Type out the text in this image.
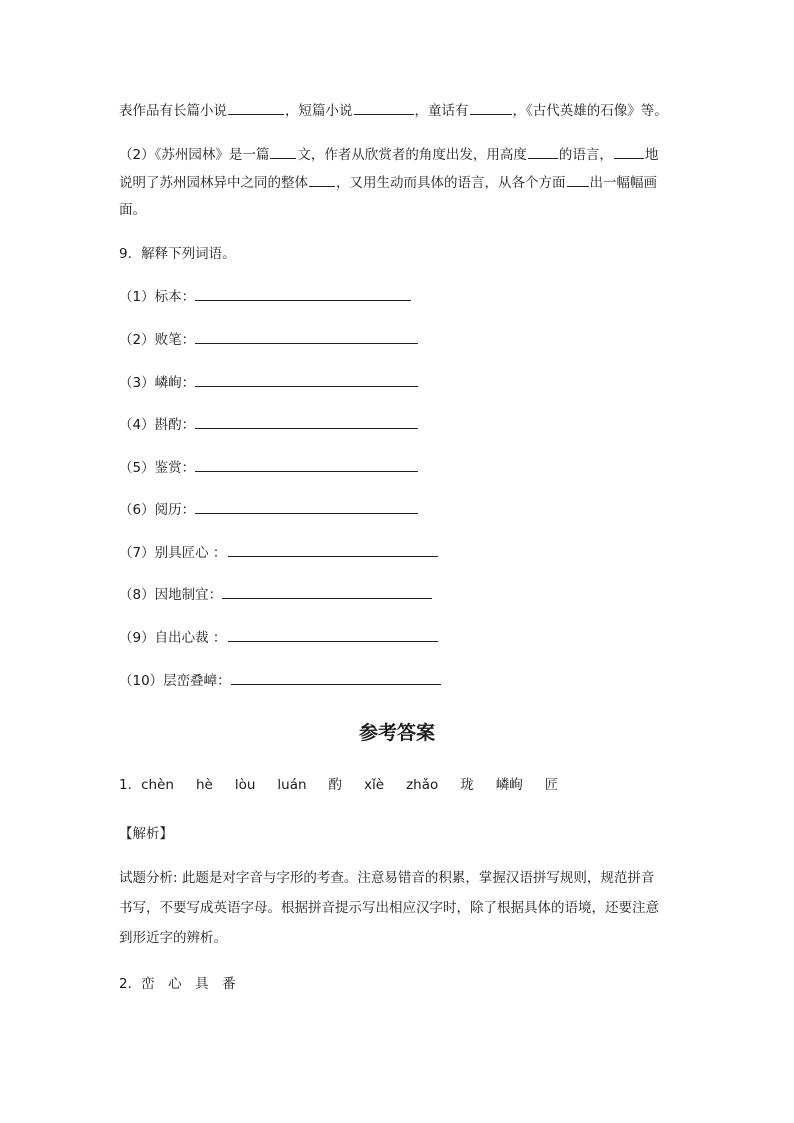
表作品有长篇小说	，短篇小说	，童话有	，《古代英雄的石像》等。
（2）《苏州园林》是一篇 文，作者从欣赏者的角度出发，用高度 的语言， 地
说明了苏州园林异中之同的整体 ，又用生动而具体的语言，从各个方面 出一幅幅画
面。
9．解释下列词语。
（1）标本：
（2）败笔：
（3）嶙峋：
（4）斟酌：
（5）鉴赏：
（6）阅历：
（7）别具匠心 ：
（8）因地制宜：
（9）自出心裁 ：
（10）层峦叠嶂：
参考答案
1．chèn hè lòu luán 酌 xǐè zhǎo 珑 嶙峋 匠
【解析】
试题分析: 此题是对字音与字形的考查。注意易错音的积累，掌握汉语拼写规则，规范拼音
书写，不要写成英语字母。根据拼音提示写出相应汉字时，除了根据具体的语境，还要注意
到形近字的辨析。
2．峦　心　具　番
